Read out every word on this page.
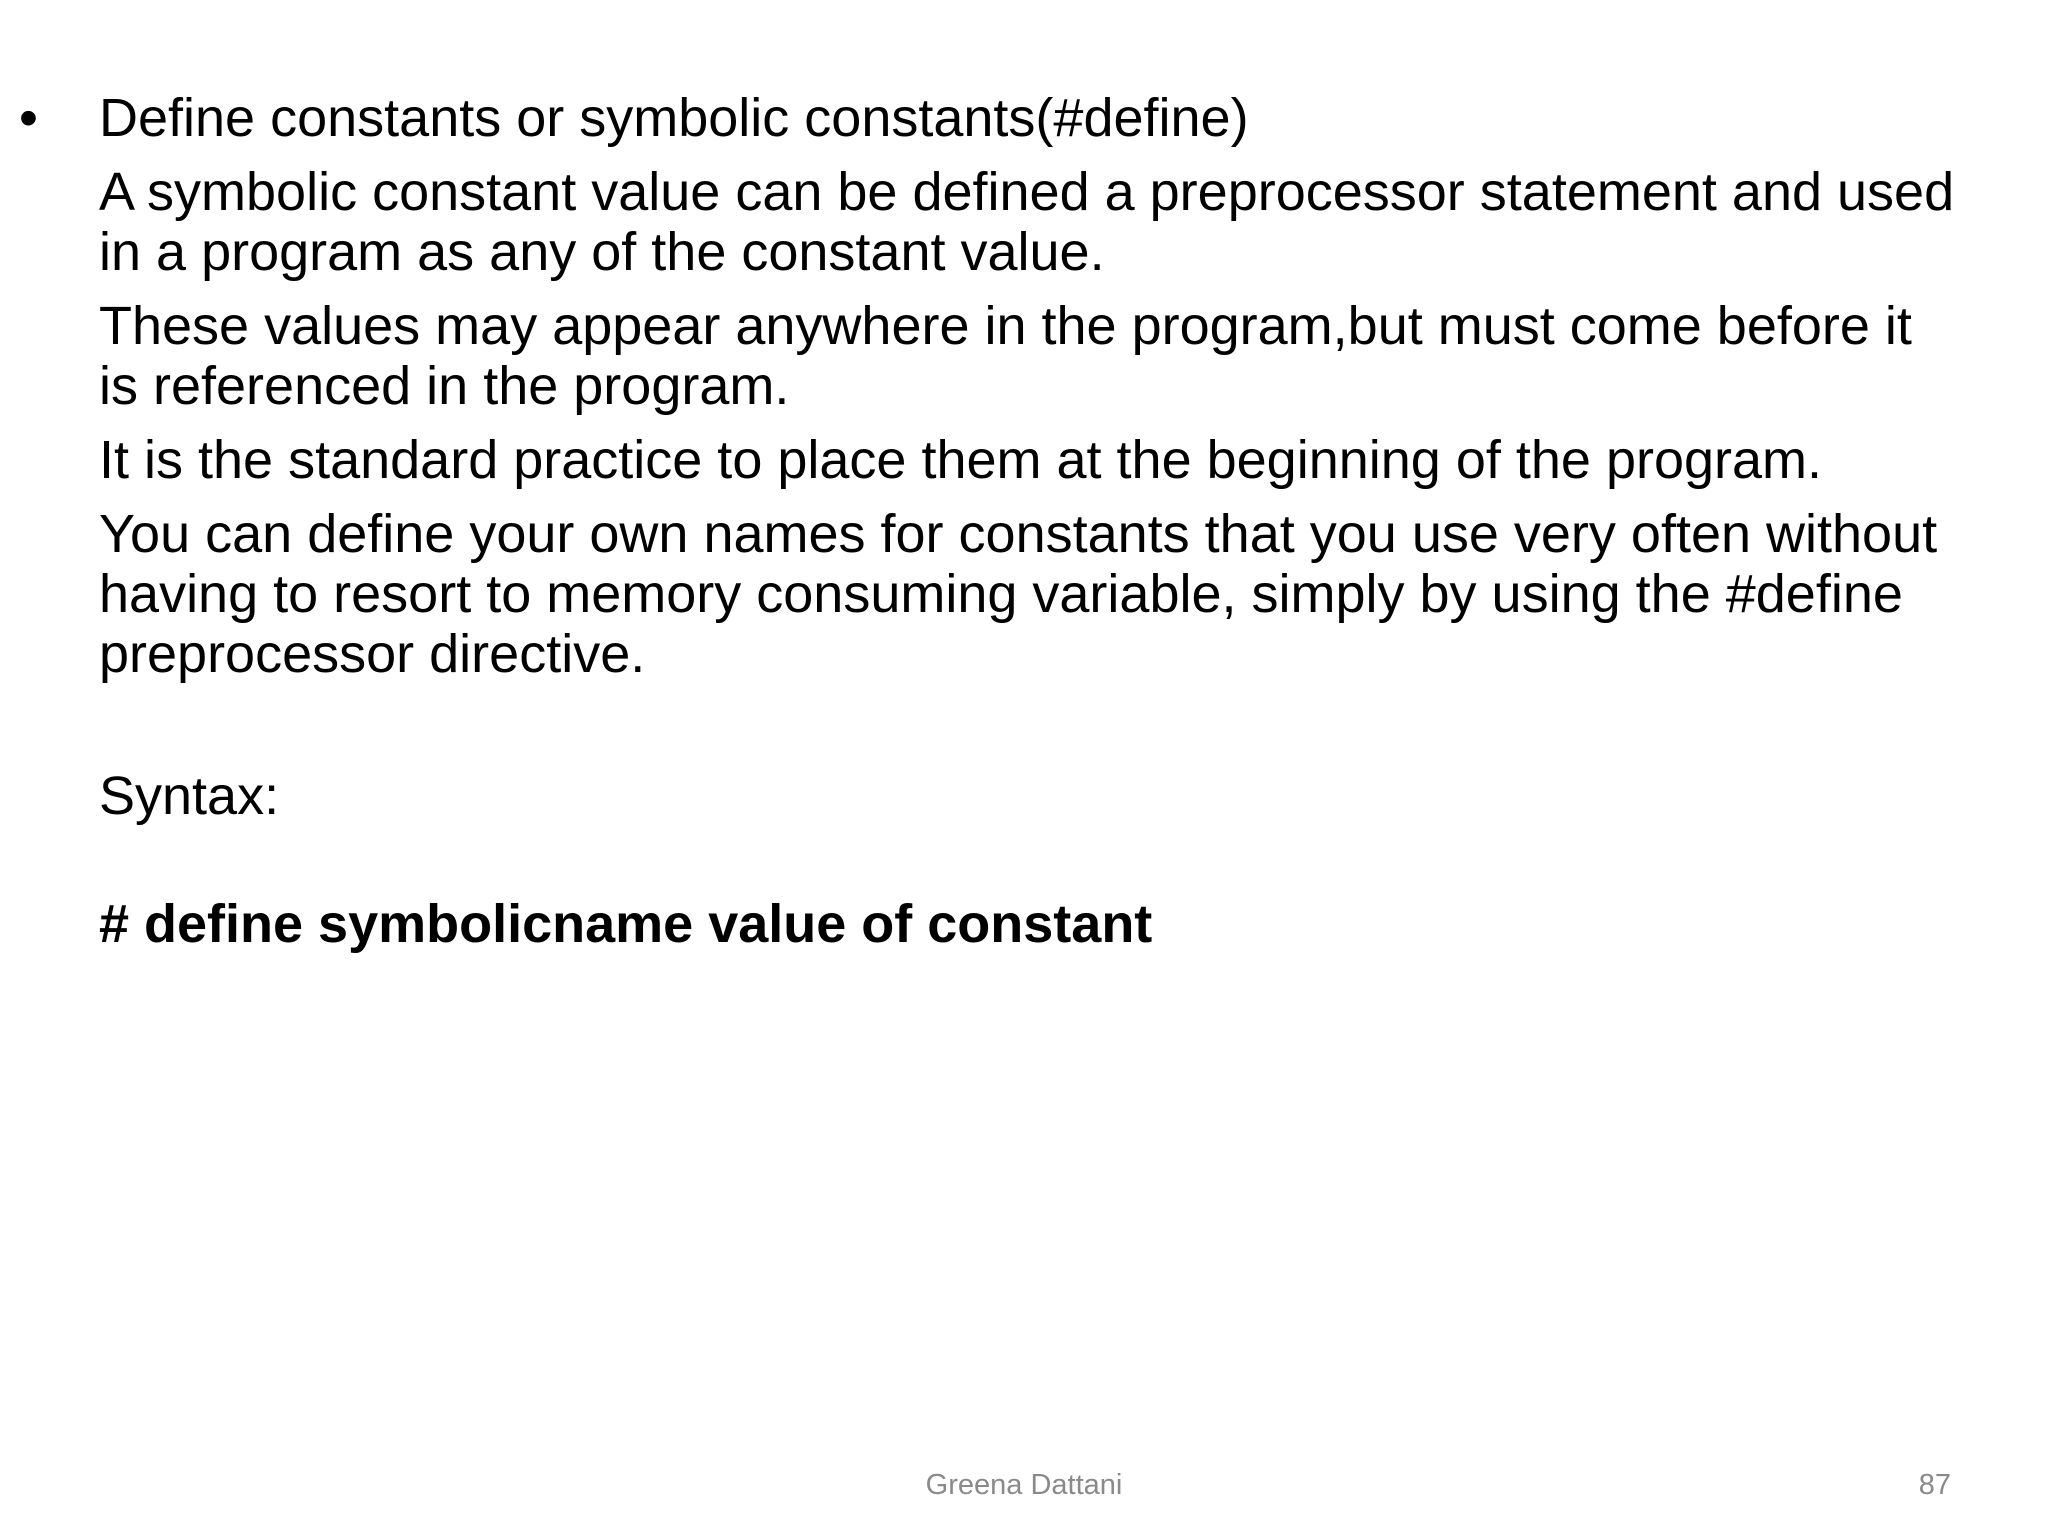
• Define constants or symbolic constants(#define)

A symbolic constant value can be defined a preprocessor statement and used in a program as any of the constant value.

These values may appear anywhere in the program,but must come before it is referenced in the program.

It is the standard practice to place them at the beginning of the program.

You can define your own names for constants that you use very often without having to resort to memory consuming variable, simply by using the #define preprocessor directive.

Syntax:

# define symbolicname value of constant

Greena Dattani	87
